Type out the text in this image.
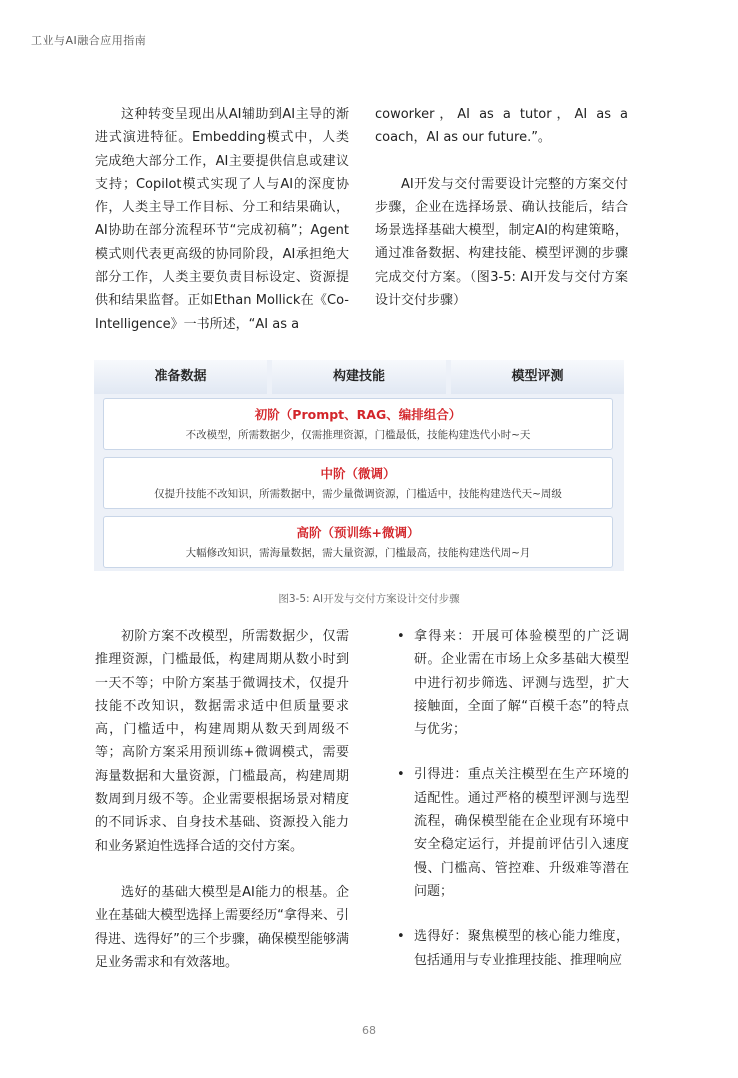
工业与AI融合应用指南

这种转变呈现出从AI辅助到AI主导的渐进式演进特征。Embedding模式中，人类完成绝大部分工作，AI主要提供信息或建议支持；Copilot模式实现了人与AI的深度协作，人类主导工作目标、分工和结果确认，AI协助在部分流程环节“完成初稿”；Agent模式则代表更高级的协同阶段，AI承担绝大部分工作，人类主要负责目标设定、资源提供和结果监督。正如Ethan Mollick在《Co-Intelligence》一书所述，“AI as a

coworker，AI as a tutor，AI as a coach，AI as our future.”。

AI开发与交付需要设计完整的方案交付步骤，企业在选择场景、确认技能后，结合场景选择基础大模型，制定AI的构建策略，通过准备数据、构建技能、模型评测的步骤完成交付方案。（图3-5: AI开发与交付方案设计交付步骤）

准备数据	构建技能	模型评测
初阶（Prompt、RAG、编排组合）
不改模型，所需数据少，仅需推理资源，门槛最低，技能构建迭代小时~天
中阶（微调）
仅提升技能不改知识，所需数据中，需少量微调资源，门槛适中，技能构建迭代天~周级
高阶（预训练+微调）
大幅修改知识，需海量数据，需大量资源，门槛最高，技能构建迭代周~月
图3-5: AI开发与交付方案设计交付步骤

初阶方案不改模型，所需数据少，仅需推理资源，门槛最低，构建周期从数小时到一天不等；中阶方案基于微调技术，仅提升技能不改知识，数据需求适中但质量要求高，门槛适中，构建周期从数天到周级不等；高阶方案采用预训练+微调模式，需要海量数据和大量资源，门槛最高，构建周期数周到月级不等。企业需要根据场景对精度的不同诉求、自身技术基础、资源投入能力和业务紧迫性选择合适的交付方案。

选好的基础大模型是AI能力的根基。企业在基础大模型选择上需要经历“拿得来、引得进、选得好”的三个步骤，确保模型能够满足业务需求和有效落地。

• 拿得来：开展可体验模型的广泛调研。企业需在市场上众多基础大模型中进行初步筛选、评测与选型，扩大接触面，全面了解“百模千态”的特点与优劣；
• 引得进：重点关注模型在生产环境的适配性。通过严格的模型评测与选型流程，确保模型能在企业现有环境中安全稳定运行，并提前评估引入速度慢、门槛高、管控难、升级难等潜在问题；
• 选得好：聚焦模型的核心能力维度，包括通用与专业推理技能、推理响应
68
